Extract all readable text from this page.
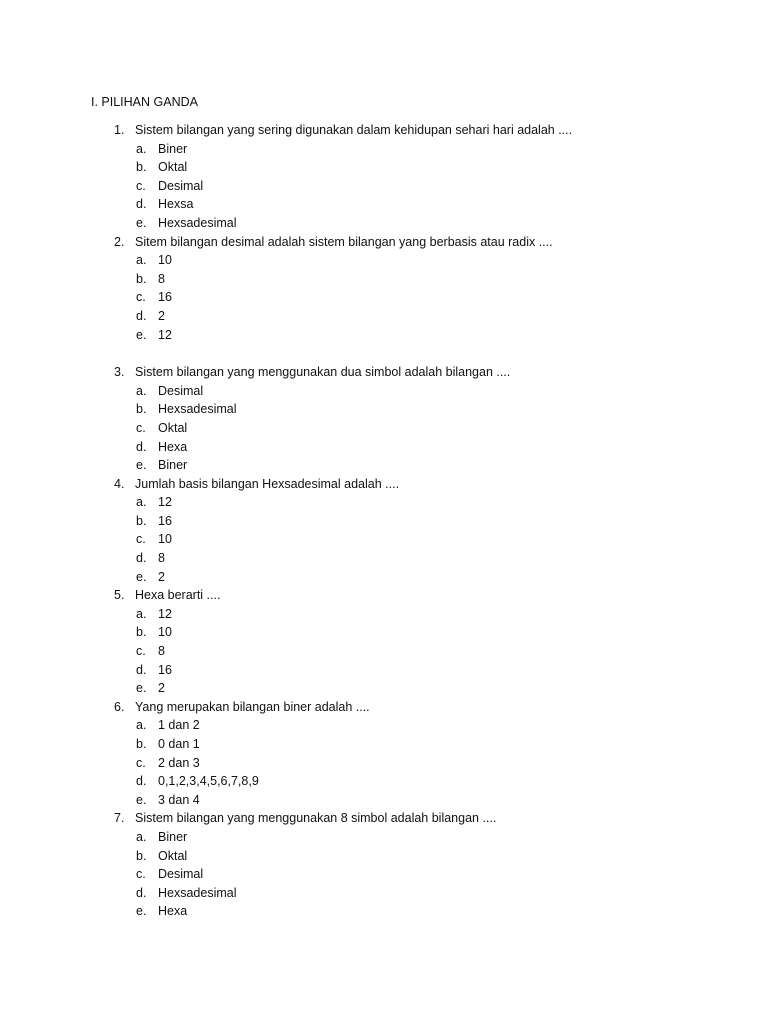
I. PILIHAN GANDA
1. Sistem bilangan yang sering digunakan dalam kehidupan sehari hari adalah ....
a. Biner
b. Oktal
c. Desimal
d. Hexsa
e. Hexsadesimal
2. Sitem bilangan desimal adalah sistem bilangan yang berbasis atau radix ....
a. 10
b. 8
c. 16
d. 2
e. 12
3. Sistem bilangan yang menggunakan dua simbol adalah bilangan ....
a. Desimal
b. Hexsadesimal
c. Oktal
d. Hexa
e. Biner
4. Jumlah basis bilangan Hexsadesimal adalah ....
a. 12
b. 16
c. 10
d. 8
e. 2
5. Hexa berarti ....
a. 12
b. 10
c. 8
d. 16
e. 2
6. Yang merupakan bilangan biner adalah ....
a. 1 dan 2
b. 0 dan 1
c. 2 dan 3
d. 0,1,2,3,4,5,6,7,8,9
e. 3 dan 4
7. Sistem bilangan yang menggunakan 8 simbol adalah bilangan ....
a. Biner
b. Oktal
c. Desimal
d. Hexsadesimal
e. Hexa
